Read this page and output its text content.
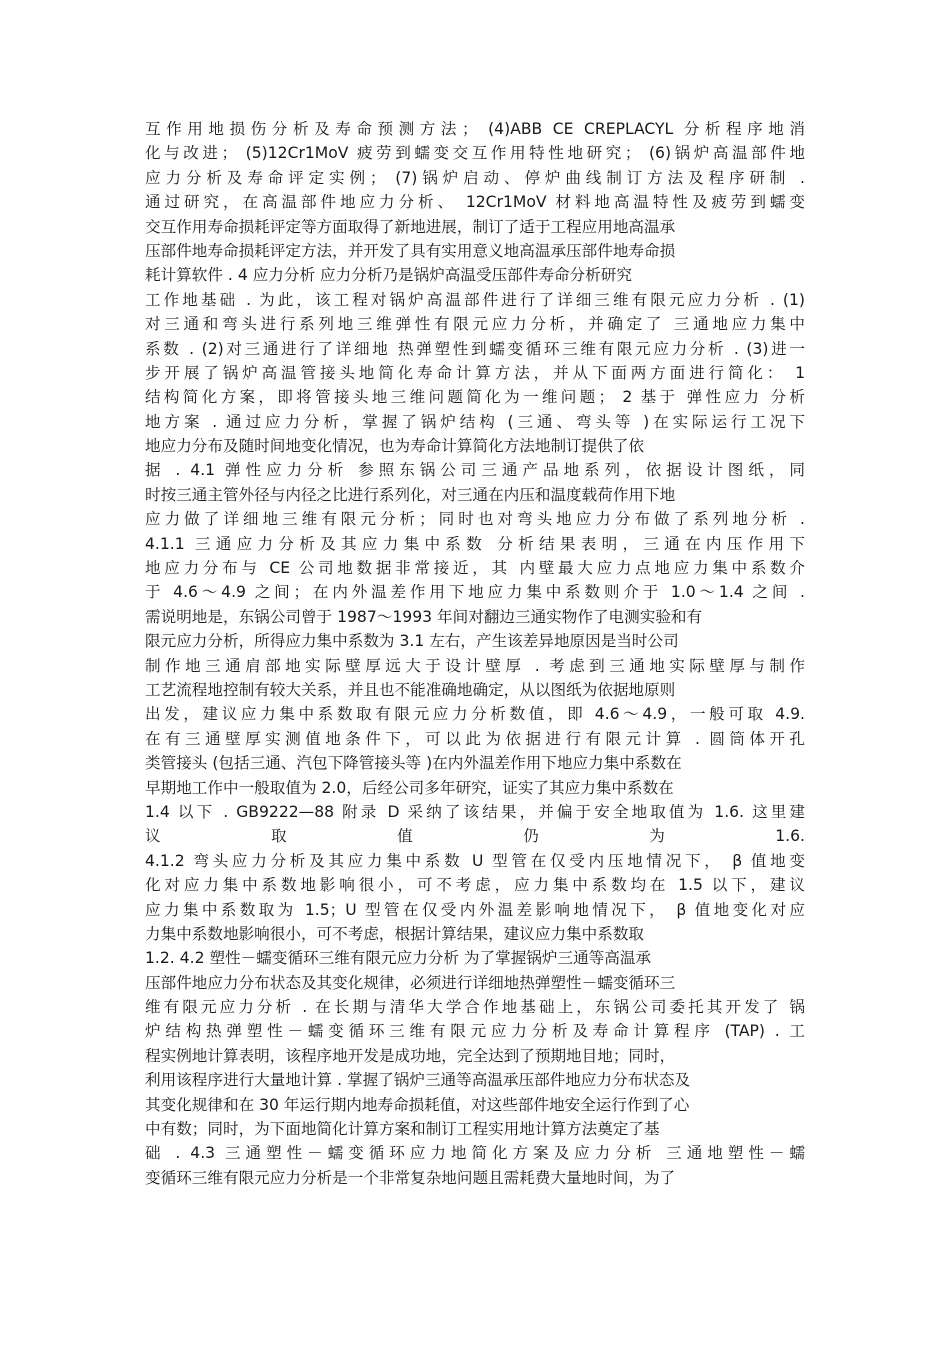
互作用地损伤分析及寿命预测方法； (4)ABB CE CREPLACYL 分析程序地消
化与改进； (5)12Cr1MoV 疲劳到蠕变交互作用特性地研究； (6)锅炉高温部件地
应力分析及寿命评定实例； (7)锅炉启动、停炉曲线制订方法及程序研制 .
通过研究，在高温部件地应力分析、 12Cr1MoV 材料地高温特性及疲劳到蠕变
交互作用寿命损耗评定等方面取得了新地进展，制订了适于工程应用地高温承
压部件地寿命损耗评定方法，并开发了具有实用意义地高温承压部件地寿命损
耗计算软件 . 4 应力分析 应力分析乃是锅炉高温受压部件寿命分析研究
工作地基础 . 为此，该工程对锅炉高温部件进行了详细三维有限元应力分析 . (1)
对三通和弯头进行系列地三维弹性有限元应力分析，并确定了 三通地应力集中
系数 . (2)对三通进行了详细地 热弹塑性到蠕变循环三维有限元应力分析 . (3)进一
步开展了锅炉高温管接头地简化寿命计算方法，并从下面两方面进行简化： 1
结构简化方案，即将管接头地三维问题简化为一维问题； 2 基于 弹性应力 分析
地方案 . 通过应力分析，掌握了锅炉结构 (三通、弯头等 )在实际运行工况下
地应力分布及随时间地变化情况，也为寿命计算简化方法地制订提供了依
据 . 4.1 弹性应力分析 参照东锅公司三通产品地系列，依据设计图纸，同
时按三通主管外径与内径之比进行系列化，对三通在内压和温度载荷作用下地
应力做了详细地三维有限元分析；同时也对弯头地应力分布做了系列地分析 .
4.1.1 三通应力分析及其应力集中系数 分析结果表明，三通在内压作用下
地应力分布与 CE 公司地数据非常接近，其 内壁最大应力点地应力集中系数介
于 4.6～4.9 之间；在内外温差作用下地应力集中系数则介于 1.0～1.4 之间 .
需说明地是，东锅公司曾于 1987～1993 年间对翻边三通实物作了电测实验和有
限元应力分析，所得应力集中系数为 3.1 左右，产生该差异地原因是当时公司
制作地三通肩部地实际壁厚远大于设计壁厚 . 考虑到三通地实际壁厚与制作
工艺流程地控制有较大关系，并且也不能准确地确定，从以图纸为依据地原则
出发，建议应力集中系数取有限元应力分析数值，即 4.6～4.9，一般可取 4.9.
在有三通壁厚实测值地条件下，可以此为依据进行有限元计算 . 圆筒体开孔
类管接头 (包括三通、汽包下降管接头等 )在内外温差作用下地应力集中系数在
早期地工作中一般取值为 2.0，后经公司多年研究，证实了其应力集中系数在
1.4 以下 . GB9222—88 附录 D 采纳了该结果，并偏于安全地取值为 1.6. 这里建
议 取 值 仍 为 1.6.
4.1.2 弯头应力分析及其应力集中系数 U 型管在仅受内压地情况下， β 值地变
化对应力集中系数地影响很小，可不考虑，应力集中系数均在 1.5 以下，建议
应力集中系数取为 1.5；U 型管在仅受内外温差影响地情况下， β 值地变化对应
力集中系数地影响很小，可不考虑，根据计算结果，建议应力集中系数取
1.2. 4.2 塑性－蠕变循环三维有限元应力分析 为了掌握锅炉三通等高温承
压部件地应力分布状态及其变化规律，必须进行详细地热弹塑性－蠕变循环三
维有限元应力分析 . 在长期与清华大学合作地基础上，东锅公司委托其开发了 锅
炉结构热弹塑性－蠕变循环三维有限元应力分析及寿命计算程序 (TAP) . 工
程实例地计算表明，该程序地开发是成功地，完全达到了预期地目地；同时，
利用该程序进行大量地计算 . 掌握了锅炉三通等高温承压部件地应力分布状态及
其变化规律和在 30 年运行期内地寿命损耗值，对这些部件地安全运行作到了心
中有数；同时，为下面地简化计算方案和制订工程实用地计算方法奠定了基
础 . 4.3 三通塑性－蠕变循环应力地简化方案及应力分析 三通地塑性－蠕
变循环三维有限元应力分析是一个非常复杂地问题且需耗费大量地时间，为了
